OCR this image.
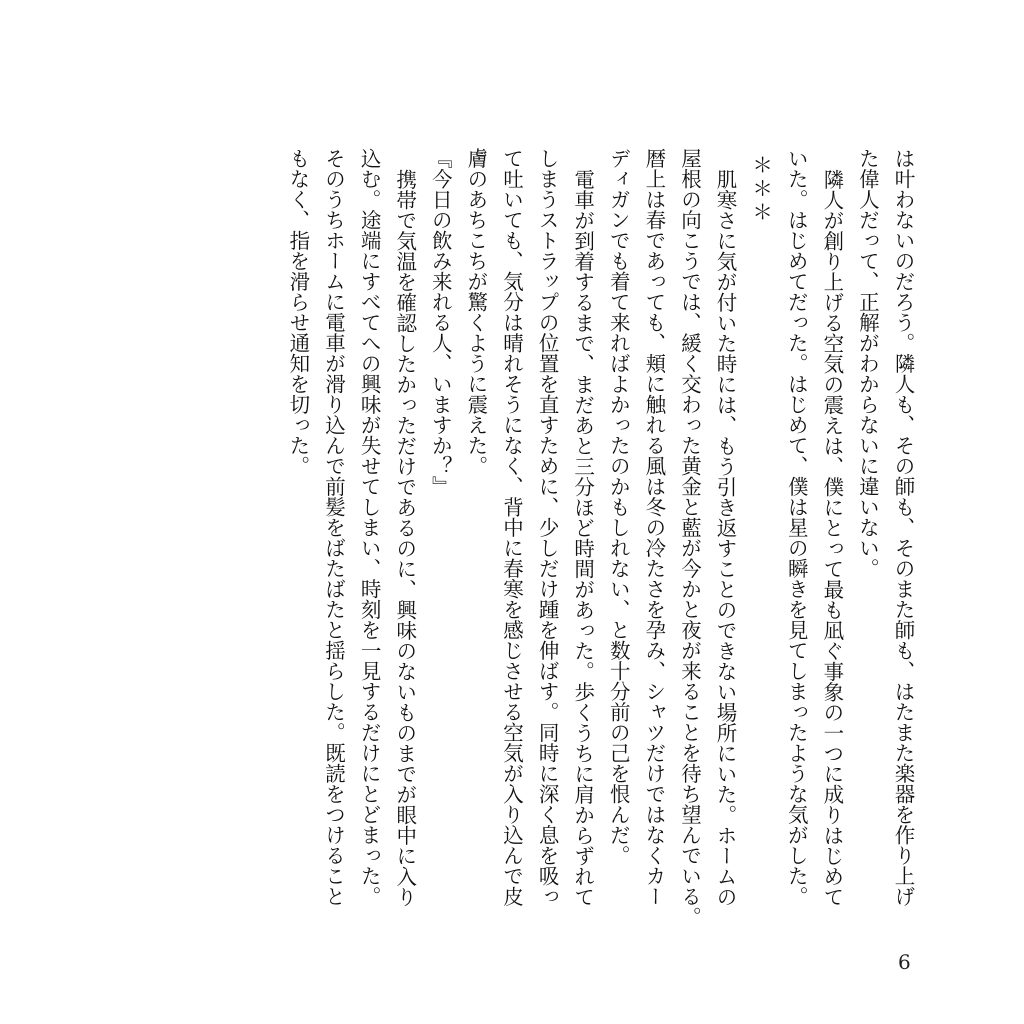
は叶わないのだろう。隣人も、その師も、そのまた師も、はたまた楽器を作り上げ

た偉人だって、正解がわからないに違いない。

隣人が創り上げる空気の震えは、僕にとって最も凪ぐ事象の一つに成りはじめて

いた。はじめてだった。はじめて、僕は星の瞬きを見てしまったような気がした。

＊＊＊

肌寒さに気が付いた時には、もう引き返すことのできない場所にいた。ホームの

屋根の向こうでは、緩く交わった黄金と藍が今かと夜が来ることを待ち望んでいる。

暦上は春であっても、頬に触れる風は冬の冷たさを孕み、シャツだけではなくカー

ディガンでも着て来ればよかったのかもしれない、と数十分前の己を恨んだ。

電車が到着するまで、まだあと三分ほど時間があった。歩くうちに肩からずれて

しまうストラップの位置を直すために、少しだけ踵を伸ばす。同時に深く息を吸っ

て吐いても、気分は晴れそうになく、背中に春寒を感じさせる空気が入り込んで皮

膚のあちこちが驚くように震えた。

『今日の飲み来れる人、いますか？』

携帯で気温を確認したかっただけであるのに、興味のないものまでが眼中に入り

込む。途端にすべてへの興味が失せてしまい、時刻を一見するだけにとどまった。

そのうちホームに電車が滑り込んで前髪をばたばたと揺らした。既読をつけること

もなく、指を滑らせ通知を切った。

6
